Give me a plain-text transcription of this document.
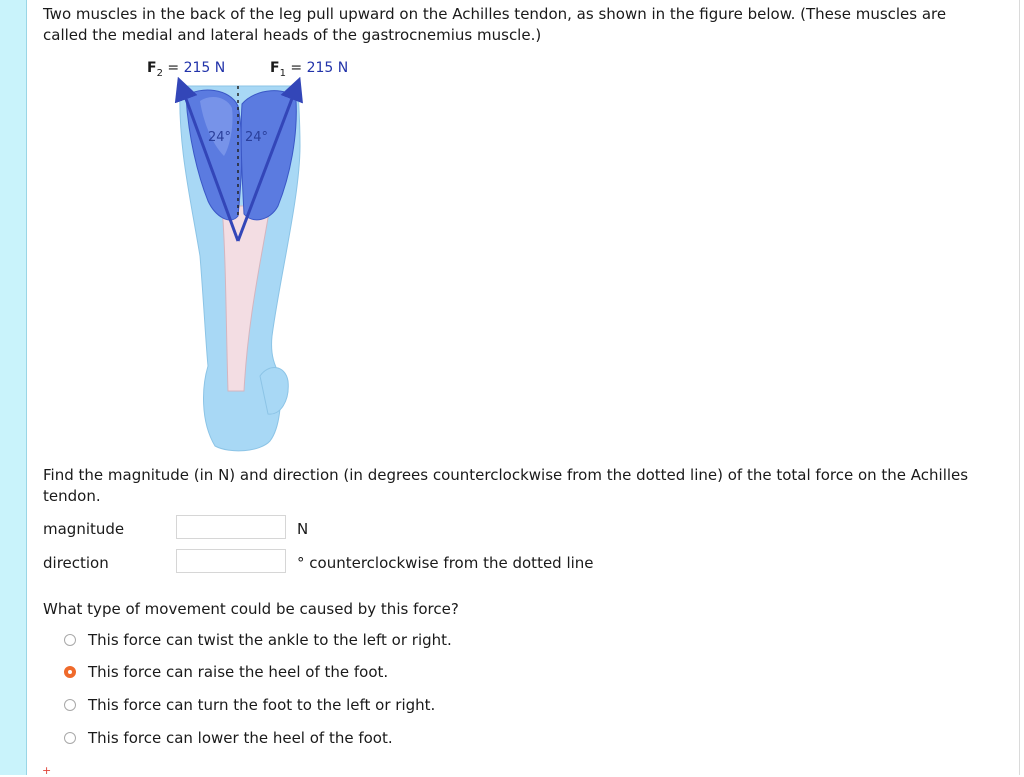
Two muscles in the back of the leg pull upward on the Achilles tendon, as shown in the figure below. (These muscles are called the medial and lateral heads of the gastrocnemius muscle.)

$F_2 = 215$ N	$F_1 = 215$ N
24° 24°

Find the magnitude (in N) and direction (in degrees counterclockwise from the dotted line) of the total force on the Achilles tendon.

magnitude	N
direction	° counterclockwise from the dotted line
What type of movement could be caused by this force?
This force can twist the ankle to the left or right.
This force can raise the heel of the foot.
This force can turn the foot to the left or right.
This force can lower the heel of the foot.
+
